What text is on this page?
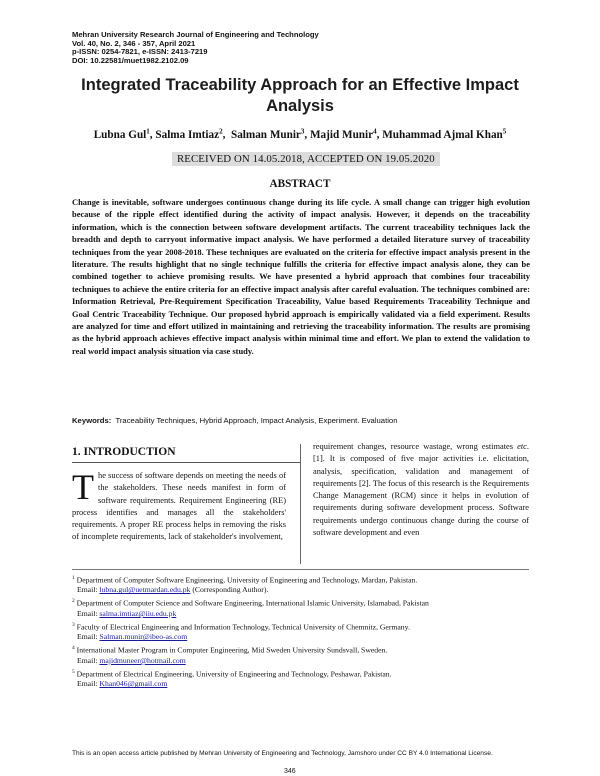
Mehran University Research Journal of Engineering and Technology
Vol. 40, No. 2, 346 - 357, April 2021
p-ISSN: 0254-7821, e-ISSN: 2413-7219
DOI: 10.22581/muet1982.2102.09
Integrated Traceability Approach for an Effective Impact
Analysis
Lubna Gul$^1$, Salma Imtiaz$^2$,  Salman Munir$^3$, Majid Munir$^4$, Muhammad Ajmal Khan$^5$
RECEIVED ON 14.05.2018, ACCEPTED ON 19.05.2020
ABSTRACT
Change is inevitable, software undergoes continuous change during its life cycle. A small change can trigger high evolution because of the ripple effect identified during the activity of impact analysis. However, it depends on the traceability information, which is the connection between software development artifacts. The current traceability techniques lack the breadth and depth to carryout informative impact analysis. We have performed a detailed literature survey of traceability techniques from the year 2008-2018. These techniques are evaluated on the criteria for effective impact analysis present in the literature. The results highlight that no single technique fulfills the criteria for effective impact analysis alone, they can be combined together to achieve promising results. We have presented a hybrid approach that combines four traceability techniques to achieve the entire criteria for an effective impact analysis after careful evaluation. The techniques combined are: Information Retrieval, Pre-Requirement Specification Traceability, Value based Requirements Traceability Technique and Goal Centric Traceability Technique. Our proposed hybrid approach is empirically validated via a field experiment. Results are analyzed for time and effort utilized in maintaining and retrieving the traceability information. The results are promising as the hybrid approach achieves effective impact analysis within minimal time and effort. We plan to extend the validation to real world impact analysis situation via case study.
Keywords: Traceability Techniques, Hybrid Approach, Impact Analysis, Experiment. Evaluation
1. INTRODUCTION
T he success of software depends on meeting the needs of the stakeholders. These needs manifest in form of software requirements. Requirement Engineering (RE) process identifies and manages all the stakeholders' requirements. A proper RE process helps in removing the risks of incomplete requirements, lack of stakeholder's involvement,
requirement changes, resource wastage, wrong estimates etc. [1]. It is composed of five major activities i.e. elicitation, analysis, specification, validation and management of requirements [2]. The focus of this research is the Requirements Change Management (RCM) since it helps in evolution of requirements during software development process. Software requirements undergo continuous change during the course of software development and even
$^1$ Department of Computer Software Engineering, University of Engineering and Technology, Mardan, Pakistan.
Email: lubna.gul@uetmardan.edu.pk (Corresponding Author).
$^2$ Department of Computer Science and Software Engineering, International Islamic University, Islamabad, Pakistan
Email: salma.imtiaz@iiu.edu.pk
$^3$ Faculty of Electrical Engineering and Information Technology, Technical University of Chemnitz, Germany.
Email: Salman.munir@ibeo-as.com
$^4$ International Master Program in Computer Engineering, Mid Sweden University Sundsvall, Sweden.
Email: majidmuneer@hotmail.com
$^5$ Department of Electrical Engineering, University of Engineering and Technology, Peshawar, Pakistan.
Email: Khan046@gmail.com
This is an open access article published by Mehran University of Engineering and Technology, Jamshoro under CC BY 4.0 International License.
346
